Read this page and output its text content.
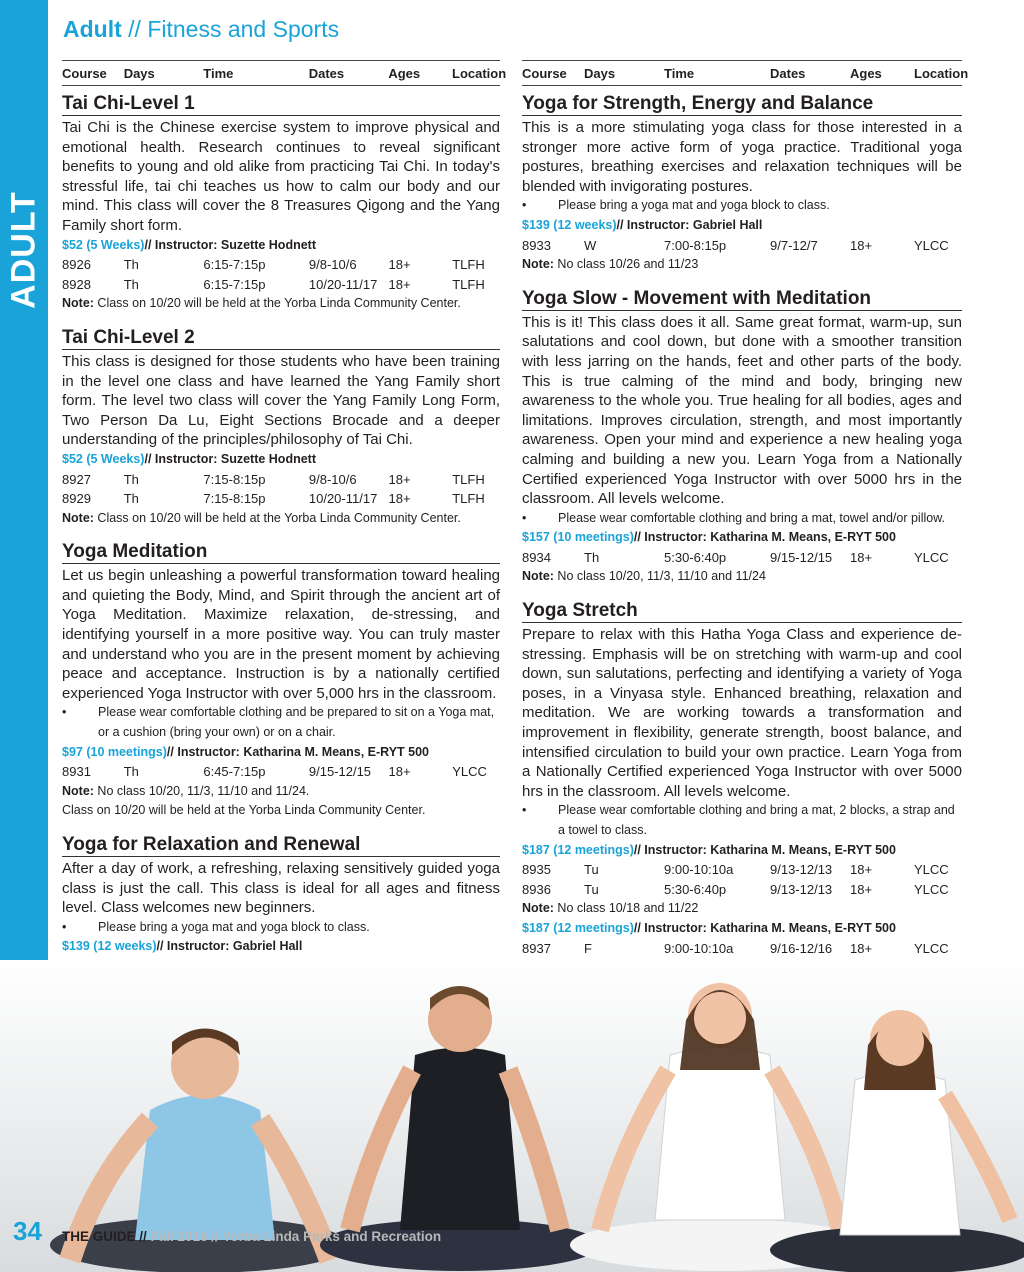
ADULT
Adult // Fitness and Sports
Course	Days	Time	Dates	Ages	Location
Tai Chi-Level 1
Tai Chi is the Chinese exercise system to improve physical and emotional health. Research continues to reveal significant benefits to young and old alike from practicing Tai Chi. In today's stressful life, tai chi teaches us how to calm our body and our mind. This class will cover the 8 Treasures Qigong and the Yang Family short form.
$52 (5 Weeks)// Instructor: Suzette Hodnett
8926	Th	6:15-7:15p	9/8-10/6	18+	TLFH
8928	Th	6:15-7:15p	10/20-11/17 18+	TLFH
Note: Class on 10/20 will be held at the Yorba Linda Community Center.
Tai Chi-Level 2
This class is designed for those students who have been training in the level one class and have learned the Yang Family short form. The level two class will cover the Yang Family Long Form, Two Person Da Lu, Eight Sections Brocade and a deeper understanding of the principles/philosophy of Tai Chi.
$52 (5 Weeks)// Instructor: Suzette Hodnett
8927	Th	7:15-8:15p	9/8-10/6	18+	TLFH
8929	Th	7:15-8:15p	10/20-11/17 18+	TLFH
Note: Class on 10/20 will be held at the Yorba Linda Community Center.
Yoga Meditation
Let us begin unleashing a powerful transformation toward healing and quieting the Body, Mind, and Spirit through the ancient art of Yoga Meditation. Maximize relaxation, de-stressing, and identifying yourself in a more positive way. You can truly master and understand who you are in the present moment by achieving peace and acceptance. Instruction is by a nationally certified experienced Yoga Instructor with over 5,000 hrs in the classroom.
•	Please wear comfortable clothing and be prepared to sit on a Yoga mat, or a cushion (bring your own) or on a chair.
$97 (10 meetings)// Instructor: Katharina M. Means, E-RYT 500
8931	Th	6:45-7:15p	9/15-12/15	18+	YLCC
Note: No class 10/20, 11/3, 11/10 and 11/24.
Class on 10/20 will be held at the Yorba Linda Community Center.
Yoga for Relaxation and Renewal
After a day of work, a refreshing, relaxing sensitively guided yoga class is just the call. This class is ideal for all ages and fitness level. Class welcomes new beginners.
•	Please bring a yoga mat and yoga block to class.
$139 (12 weeks)// Instructor: Gabriel Hall
Course	Days	Time	Dates	Ages	Location
Yoga for Strength, Energy and Balance
This is a more stimulating yoga class for those interested in a stronger more active form of yoga practice. Traditional yoga postures, breathing exercises and relaxation techniques will be blended with invigorating postures.
•	Please bring a yoga mat and yoga block to class.
$139 (12 weeks)// Instructor: Gabriel Hall
8933	W	7:00-8:15p	9/7-12/7	18+	YLCC
Note: No class 10/26 and 11/23
Yoga Slow - Movement with Meditation
This is it! This class does it all. Same great format, warm-up, sun salutations and cool down, but done with a smoother transition with less jarring on the hands, feet and other parts of the body. This is true calming of the mind and body, bringing new awareness to the whole you. True healing for all bodies, ages and limitations. Improves circulation, strength, and most importantly awareness. Open your mind and experience a new healing yoga calming and building a new you. Learn Yoga from a Nationally Certified experienced Yoga Instructor with over 5000 hrs in the classroom. All levels welcome.
•	Please wear comfortable clothing and bring a mat, towel and/or pillow.
$157 (10 meetings)// Instructor: Katharina M. Means, E-RYT 500
8934	Th	5:30-6:40p	9/15-12/15	18+	YLCC
Note: No class 10/20, 11/3, 11/10 and 11/24
Yoga Stretch
Prepare to relax with this Hatha Yoga Class and experience de-stressing. Emphasis will be on stretching with warm-up and cool down, sun salutations, perfecting and identifying a variety of Yoga poses, in a Vinyasa style. Enhanced breathing, relaxation and meditation. We are working towards a transformation and improvement in flexibility, generate strength, boost balance, and intensified circulation to build your own practice. Learn Yoga from a Nationally Certified experienced Yoga Instructor with over 5000 hrs in the classroom. All levels welcome.
•	Please wear comfortable clothing and bring a mat, 2 blocks, a strap and a towel to class.
$187 (12 meetings)// Instructor: Katharina M. Means, E-RYT 500
8935	Tu	9:00-10:10a	9/13-12/13	18+	YLCC
8936	Tu	5:30-6:40p	9/13-12/13	18+	YLCC
Note: No class 10/18 and 11/22
$187 (12 meetings)// Instructor: Katharina M. Means, E-RYT 500
8937	F	9:00-10:10a	9/16-12/16	18+	YLCC
34 THE GUIDE // Fall 2016 // Yorba Linda Parks and Recreation
